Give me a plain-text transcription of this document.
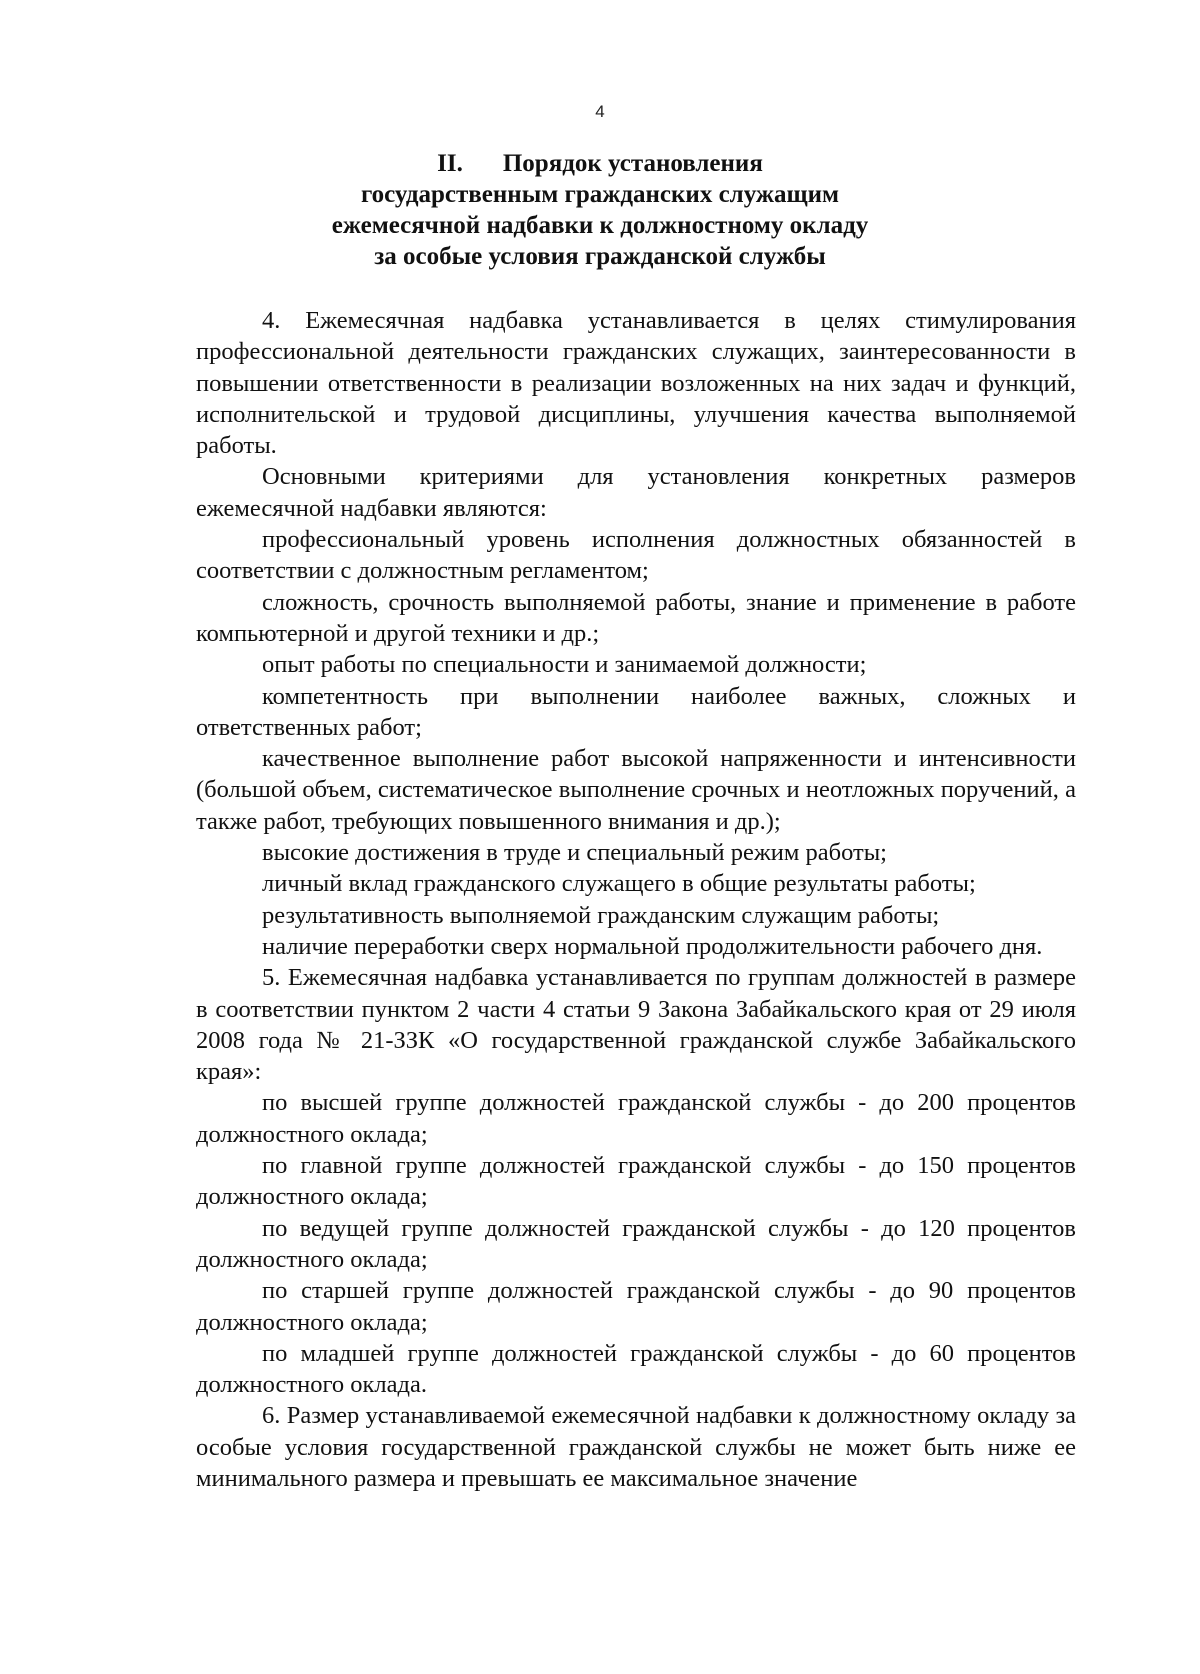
4
II. Порядок установления
государственным гражданских служащим
ежемесячной надбавки к должностному окладу
за особые условия гражданской службы

4. Ежемесячная надбавка устанавливается в целях стимулирования профессиональной деятельности гражданских служащих, заинтересованности в повышении ответственности в реализации возложенных на них задач и функций, исполнительской и трудовой дисциплины, улучшения качества выполняемой работы.

Основными критериями для установления конкретных размеров ежемесячной надбавки являются:

профессиональный уровень исполнения должностных обязанностей в соответствии с должностным регламентом;

сложность, срочность выполняемой работы, знание и применение в работе компьютерной и другой техники и др.;

опыт работы по специальности и занимаемой должности;

компетентность при выполнении наиболее важных, сложных и ответственных работ;

качественное выполнение работ высокой напряженности и интенсивности (большой объем, систематическое выполнение срочных и неотложных поручений, а также работ, требующих повышенного внимания и др.);

высокие достижения в труде и специальный режим работы;

личный вклад гражданского служащего в общие результаты работы;

результативность выполняемой гражданским служащим работы;

наличие переработки сверх нормальной продолжительности рабочего дня.

5. Ежемесячная надбавка устанавливается по группам должностей в размере в соответствии пунктом 2 части 4 статьи 9 Закона Забайкальского края от 29 июля 2008 года № 21-ЗЗК «О государственной гражданской службе Забайкальского края»:

по высшей группе должностей гражданской службы - до 200 процентов должностного оклада;

по главной группе должностей гражданской службы - до 150 процентов должностного оклада;

по ведущей группе должностей гражданской службы - до 120 процентов должностного оклада;

по старшей группе должностей гражданской службы - до 90 процентов должностного оклада;

по младшей группе должностей гражданской службы - до 60 процентов должностного оклада.

6. Размер устанавливаемой ежемесячной надбавки к должностному окладу за особые условия государственной гражданской службы не может быть ниже ее минимального размера и превышать ее максимальное значение
